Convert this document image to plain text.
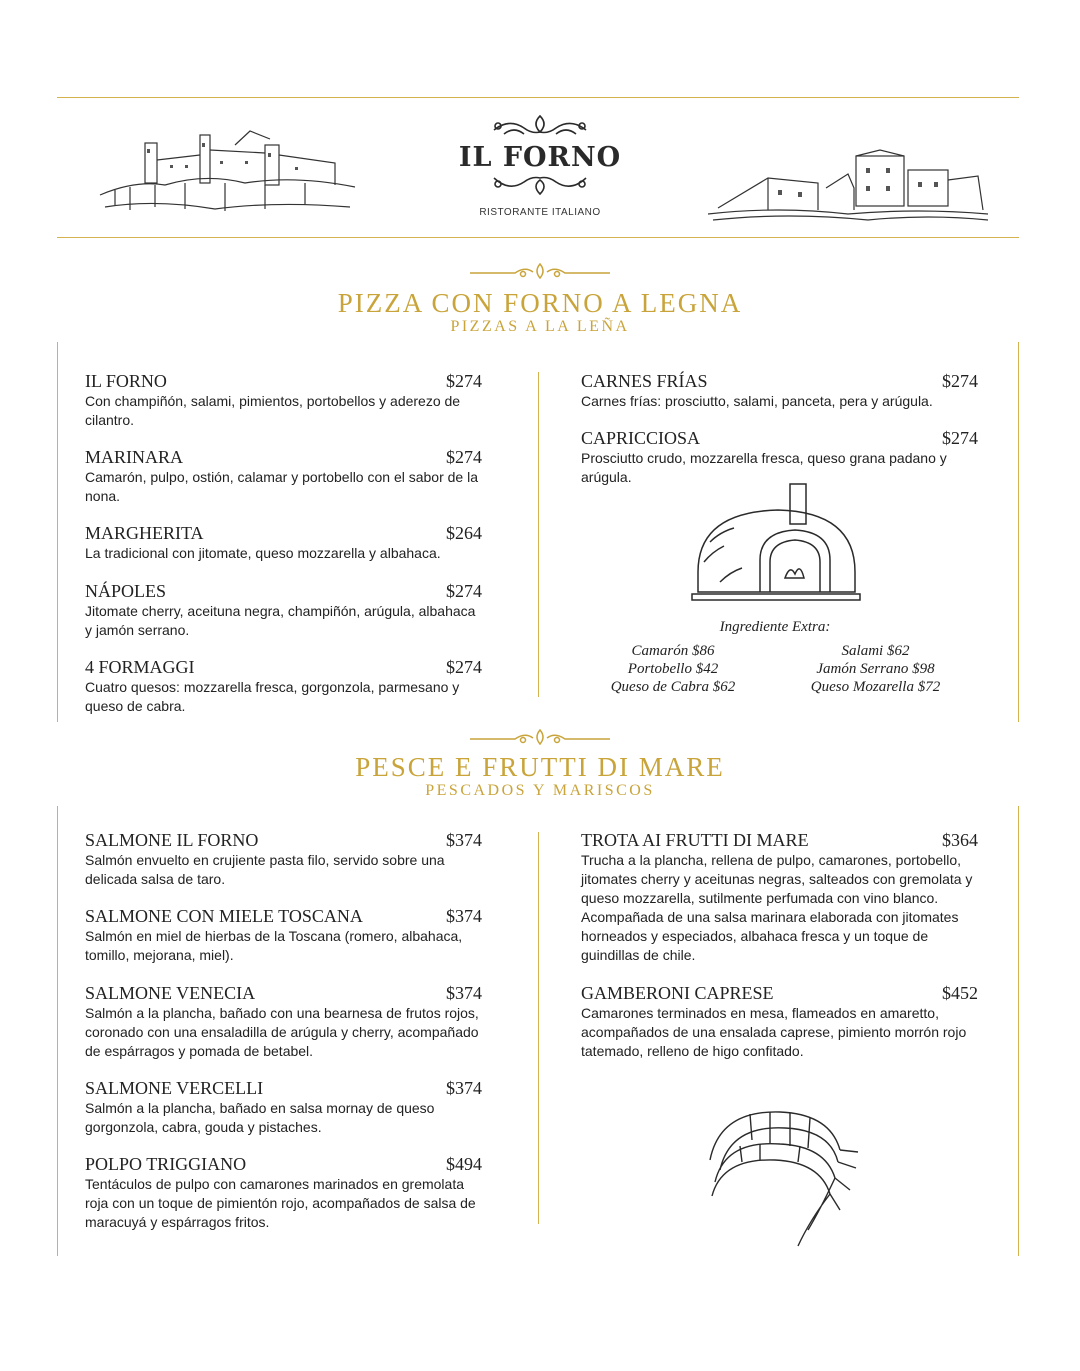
IL FORNO
RISTORANTE ITALIANO
PIZZA CON FORNO A LEGNA
PIZZAS A LA LEÑA
IL FORNO	$274
Con champiñón, salami, pimientos, portobellos y aderezo de cilantro.
MARINARA	$274
Camarón, pulpo, ostión, calamar y portobello con el sabor de la nona.
MARGHERITA	$264
La tradicional con jitomate, queso mozzarella y albahaca.
NÁPOLES	$274
Jitomate cherry, aceituna negra, champiñón, arúgula, albahaca y jamón serrano.
4 FORMAGGI	$274
Cuatro quesos: mozzarella fresca, gorgonzola, parmesano y queso de cabra.
CARNES FRÍAS	$274
Carnes frías: prosciutto, salami, panceta, pera y arúgula.
CAPRICCIOSA	$274
Prosciutto crudo, mozzarella fresca, queso grana padano y arúgula.
Ingrediente Extra:
Camarón $86
Portobello $42
Queso de Cabra $62
Salami $62
Jamón Serrano $98
Queso Mozarella $72
PESCE E FRUTTI DI MARE
PESCADOS Y MARISCOS
SALMONE IL FORNO	$374
Salmón envuelto en crujiente pasta filo, servido sobre una delicada salsa de taro.
SALMONE CON MIELE TOSCANA	$374
Salmón en miel de hierbas de la Toscana (romero, albahaca, tomillo, mejorana, miel).
SALMONE VENECIA	$374
Salmón a la plancha, bañado con una bearnesa de frutos rojos, coronado con una ensaladilla de arúgula y cherry, acompañado de espárragos y pomada de betabel.
SALMONE VERCELLI	$374
Salmón a la plancha, bañado en salsa mornay de queso gorgonzola, cabra, gouda y pistaches.
POLPO TRIGGIANO	$494
Tentáculos de pulpo con camarones marinados en gremolata roja con un toque de pimientón rojo, acompañados de salsa de maracuyá y espárragos fritos.
TROTA AI FRUTTI DI MARE	$364
Trucha a la plancha, rellena de pulpo, camarones, portobello, jitomates cherry y aceitunas negras, salteados con gremolata y queso mozzarella, sutilmente perfumada con vino blanco. Acompañada de una salsa marinara elaborada con jitomates horneados y especiados, albahaca fresca y un toque de guindillas de chile.
GAMBERONI CAPRESE	$452
Camarones terminados en mesa, flameados en amaretto, acompañados de una ensalada caprese, pimiento morrón rojo tatemado, relleno de higo confitado.
